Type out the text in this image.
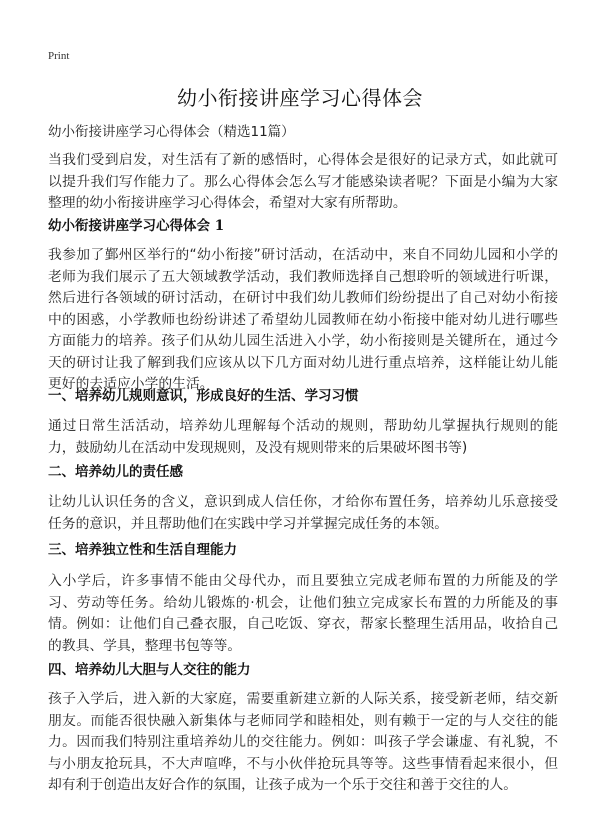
Print
幼小衔接讲座学习心得体会
幼小衔接讲座学习心得体会（精选11篇）

当我们受到启发，对生活有了新的感悟时，心得体会是很好的记录方式，如此就可以提升我们写作能力了。那么心得体会怎么写才能感染读者呢？下面是小编为大家整理的幼小衔接讲座学习心得体会，希望对大家有所帮助。

幼小衔接讲座学习心得体会 1

我参加了鄞州区举行的“幼小衔接”研讨活动，在活动中，来自不同幼儿园和小学的老师为我们展示了五大领域教学活动，我们教师选择自己想聆听的领域进行听课，然后进行各领域的研讨活动，在研讨中我们幼儿教师们纷纷提出了自己对幼小衔接中的困惑，小学教师也纷纷讲述了希望幼儿园教师在幼小衔接中能对幼儿进行哪些方面能力的培养。孩子们从幼儿园生活进入小学，幼小衔接则是关键所在，通过今天的研讨让我了解到我们应该从以下几方面对幼儿进行重点培养，这样能让幼儿能更好的去适应小学的生活。

一、培养幼儿规则意识，形成良好的生活、学习习惯

通过日常生活活动，培养幼儿理解每个活动的规则，帮助幼儿掌握执行规则的能力，鼓励幼儿在活动中发现规则，及没有规则带来的后果破坏图书等)

二、培养幼儿的责任感

让幼儿认识任务的含义，意识到成人信任你，才给你布置任务，培养幼儿乐意接受任务的意识，并且帮助他们在实践中学习并掌握完成任务的本领。

三、培养独立性和生活自理能力

入小学后，许多事情不能由父母代办，而且要独立完成老师布置的力所能及的学习、劳动等任务。给幼儿锻炼的·机会，让他们独立完成家长布置的力所能及的事情。例如：让他们自己叠衣服，自己吃饭、穿衣，帮家长整理生活用品，收拾自己的教具、学具，整理书包等等。

四、培养幼儿大胆与人交往的能力

孩子入学后，进入新的大家庭，需要重新建立新的人际关系，接受新老师，结交新朋友。而能否很快融入新集体与老师同学和睦相处，则有赖于一定的与人交往的能力。因而我们特别注重培养幼儿的交往能力。例如：叫孩子学会谦虚、有礼貌，不与小朋友抢玩具，不大声喧哗，不与小伙伴抢玩具等等。这些事情看起来很小，但却有利于创造出友好合作的氛围，让孩子成为一个乐于交往和善于交往的人。
